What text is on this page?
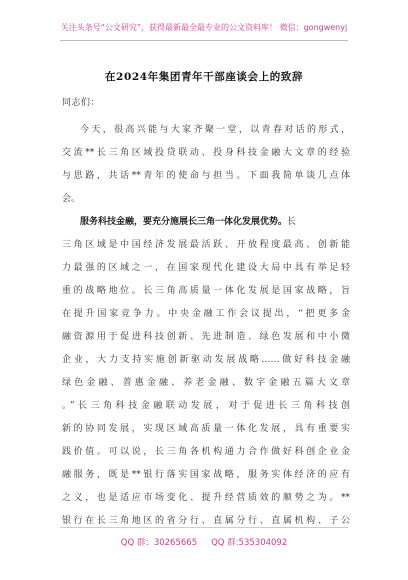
关注头条号“公文研究”，获得最新最全最专业的公文资料库！ 微信：gongwenyj
在2024年集团青年干部座谈会上的致辞
同志们：
今天，很高兴能与大家齐聚一堂，以青春对话的形式，
交流**长三角区域投贷联动、投身科技金融大文章的经验
与思路，共话**青年的使命与担当。下面我简单谈几点体
会。
服务科技金融，要充分施展长三角一体化发展优势。长
三角区域是中国经济发展最活跃、开放程度最高、创新能
力最强的区域之一，在国家现代化建设大局中具有举足轻
重的战略地位。长三角高质量一体化发展是国家战略，旨
在提升国家竞争力。中央金融工作会议提出，“把更多金
融资源用于促进科技创新、先进制造、绿色发展和中小微
企业，大力支持实施创新驱动发展战略……做好科技金融
绿色金融、普惠金融、养老金融、数字金融五篇大文章
。”长三角科技金融联动发展，对于促进长三角科技创
新的协同发展，实现区域高质量一体化发展，具有重要实
践价值。可以说，长三角各机构通力合作做好科创企业金
融服务，既是**银行落实国家战略，服务实体经济的应有
之义，也是适应市场变化、提升经营质效的顺势之为。**
银行在长三角地区的省分行、直属分行、直属机构、子公
QQ 群：30265665 QQ 群:535304092
